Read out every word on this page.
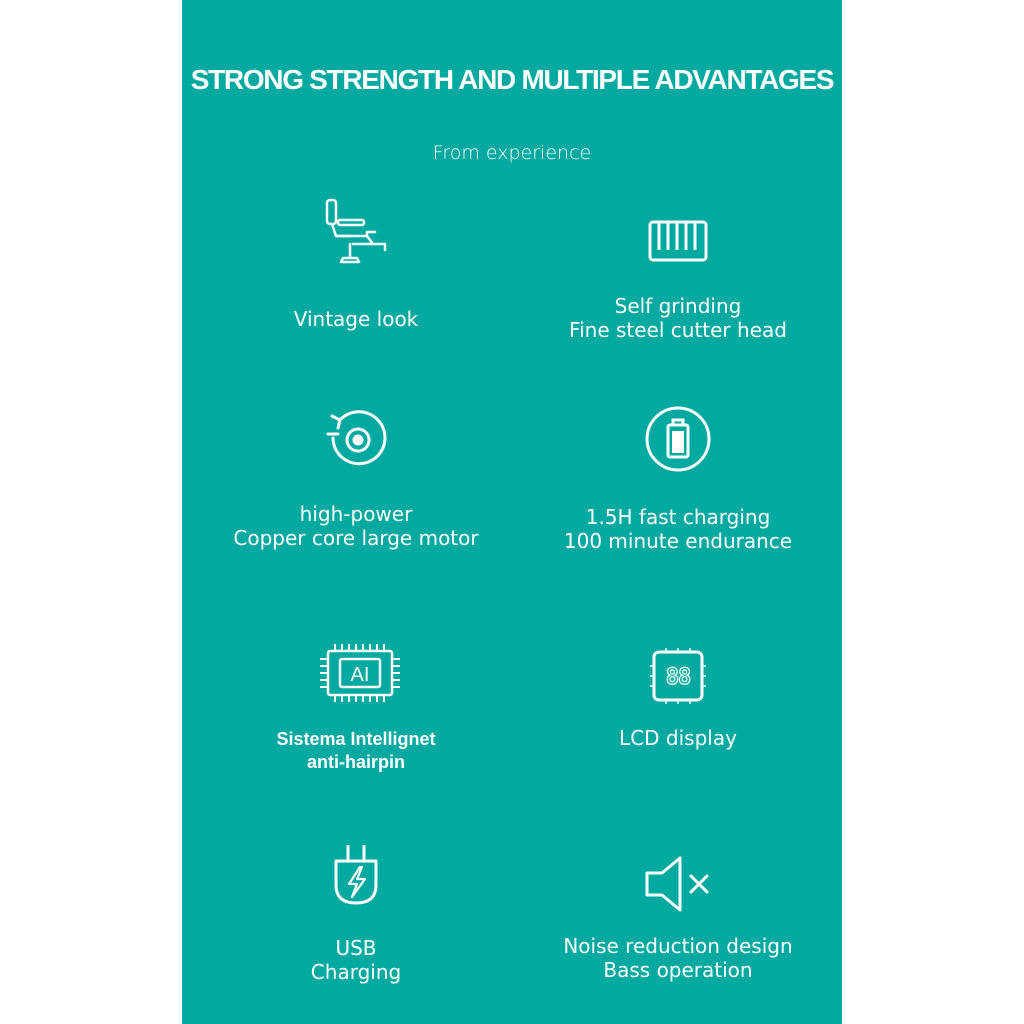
STRONG STRENGTH AND MULTIPLE ADVANTAGES
From experience
Vintage look
Self grinding
Fine steel cutter head
high-power
Copper core large motor
1.5H fast charging
100 minute endurance
AI
Sistema Intellignet
anti-hairpin
88
LCD display
USB
Charging
Noise reduction design
Bass operation
